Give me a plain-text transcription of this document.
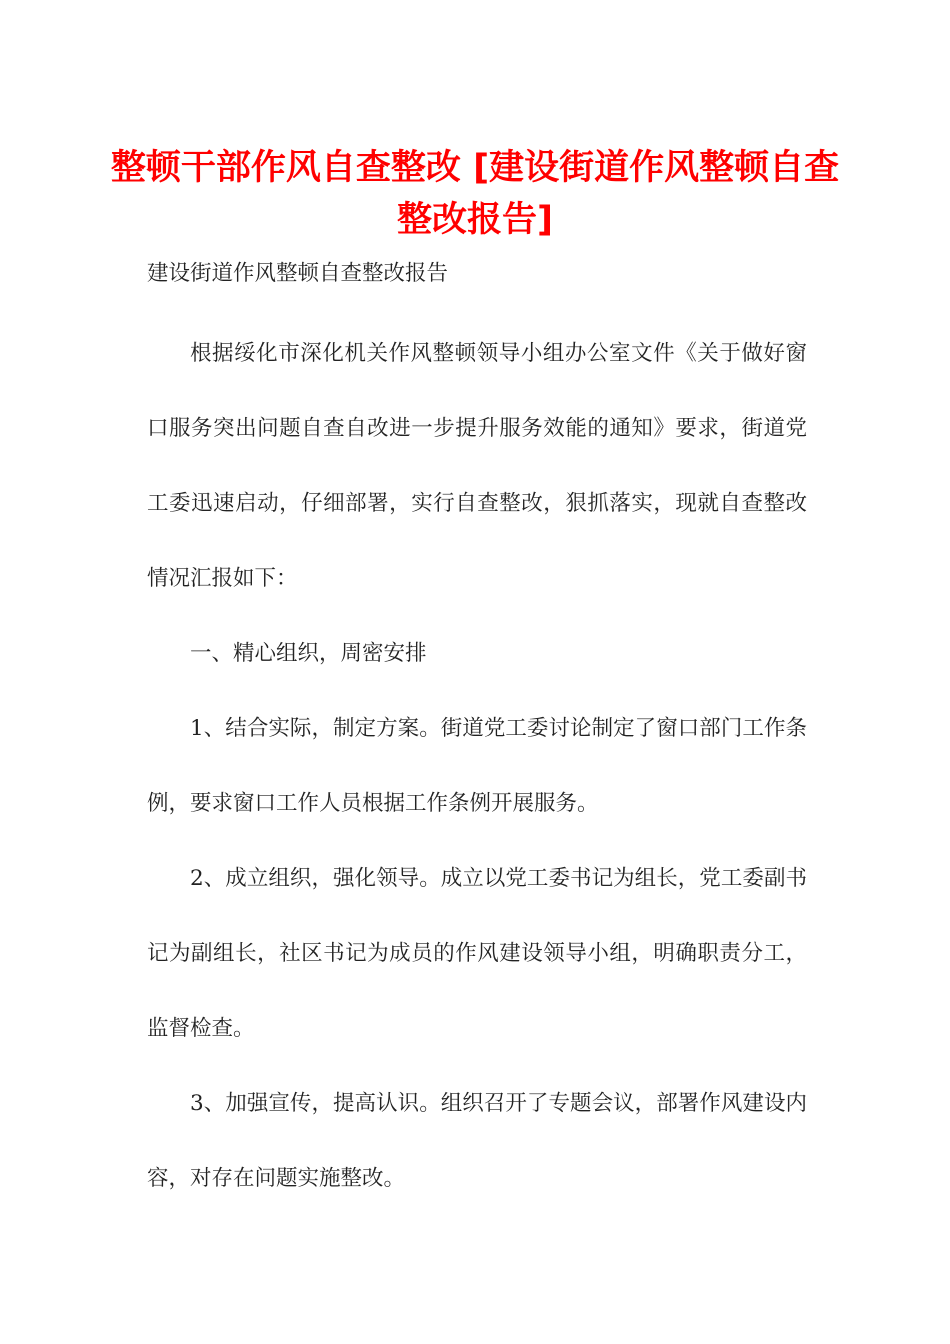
整顿干部作风自查整改 [建设街道作风整顿自查整改报告]

建设街道作风整顿自查整改报告

根据绥化市深化机关作风整顿领导小组办公室文件《关于做好窗口服务突出问题自查自改进一步提升服务效能的通知》要求，街道党工委迅速启动，仔细部署，实行自查整改，狠抓落实，现就自查整改情况汇报如下：

一、精心组织，周密安排

1、结合实际，制定方案。街道党工委讨论制定了窗口部门工作条例，要求窗口工作人员根据工作条例开展服务。

2、成立组织，强化领导。成立以党工委书记为组长，党工委副书记为副组长，社区书记为成员的作风建设领导小组，明确职责分工，监督检查。

3、加强宣传，提高认识。组织召开了专题会议，部署作风建设内容，对存在问题实施整改。
